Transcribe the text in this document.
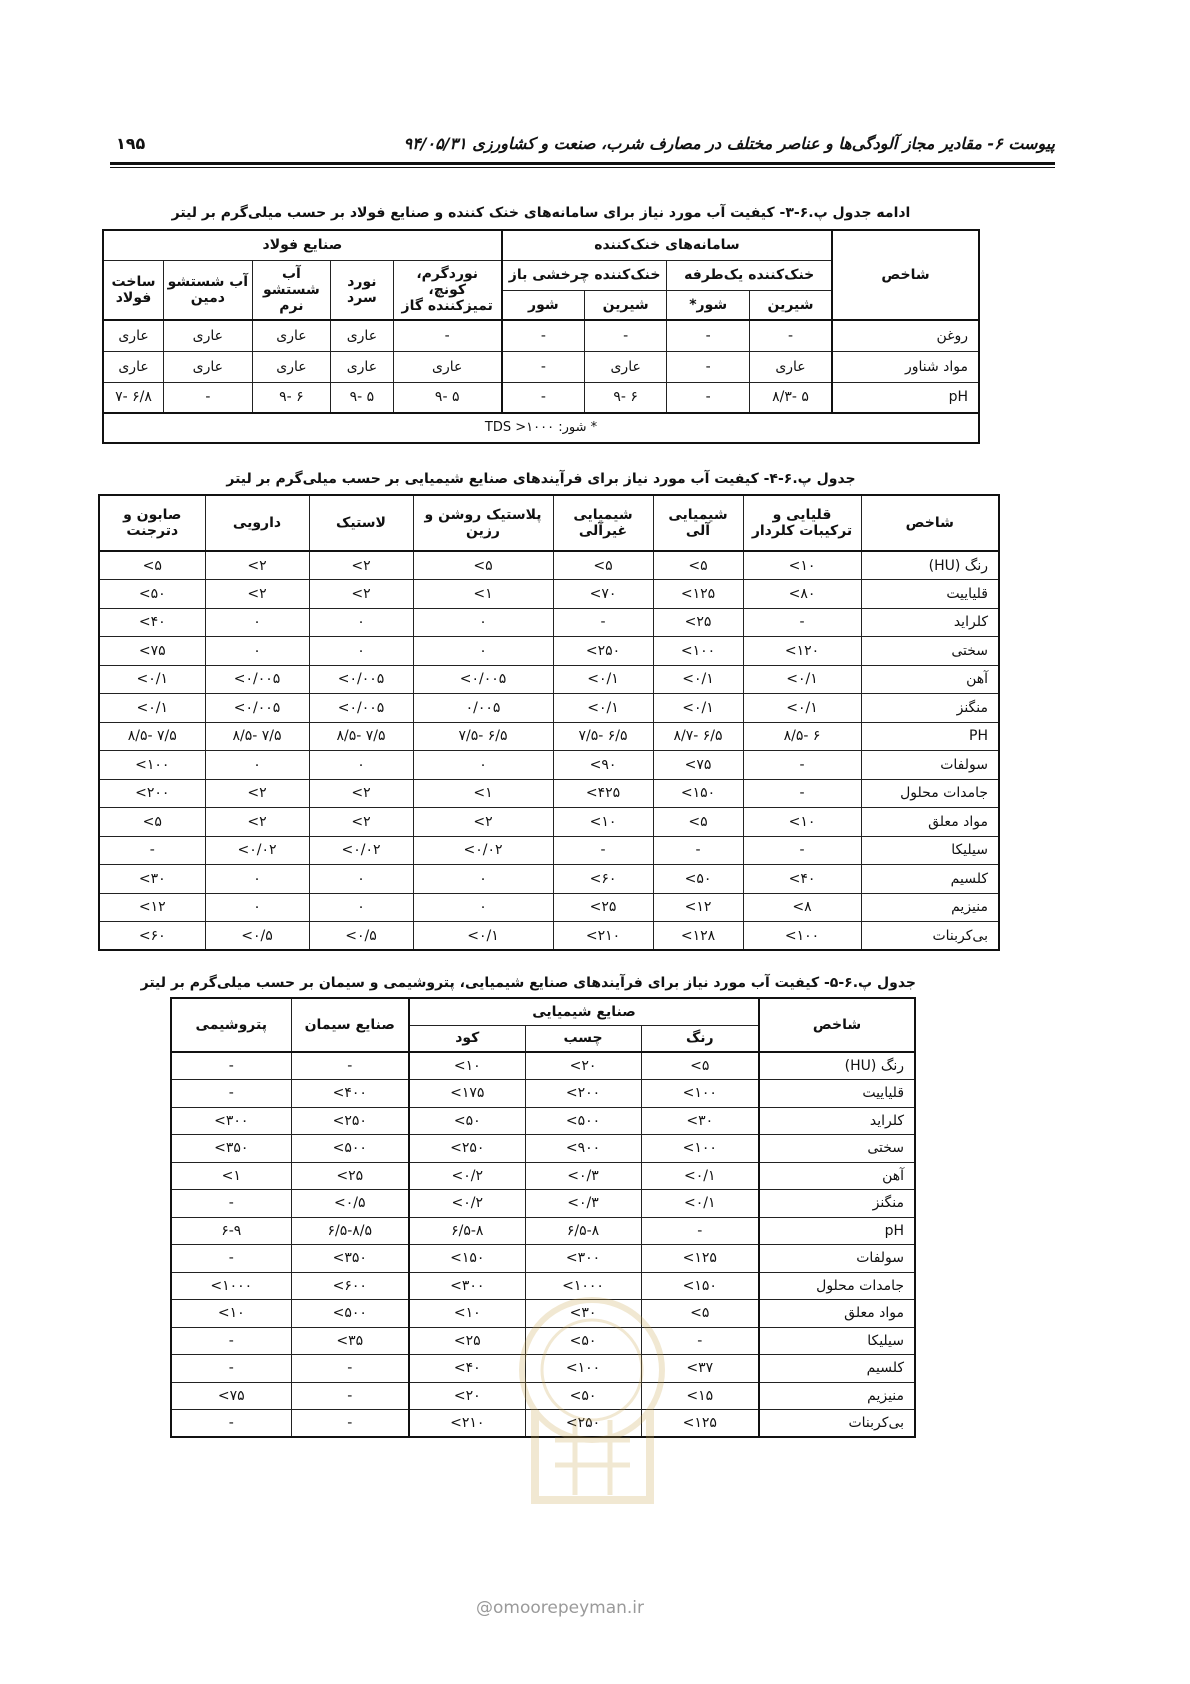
پیوست ۶- مقادیر مجاز آلودگی‌ها و عناصر مختلف در مصارف شرب، صنعت و کشاورزی ۹۴/۰۵/۳۱
۱۹۵
ادامه جدول پ.۶-۳- کیفیت آب مورد نیاز برای سامانه‌های خنک کننده و صنایع فولاد بر حسب میلی‌گرم بر لیتر
شاخص	سامانه‌های خنک‌کننده				صنایع فولاد				
	خنک‌کننده یک‌طرفه		خنک‌کننده چرخشی باز		نوردگرم، کونچ، تمیزکننده گاز	نورد سرد	آب شستشو نرم	آب شستشو دمین	ساخت فولاد
	شیرین	شور*	شیرین	شور					
روغن	-	-	-	-	-	عاری	عاری	عاری	عاری
مواد شناور	عاری	-	عاری	-	عاری	عاری	عاری	عاری	عاری
pH	۵ -۸/۳	-	۶ -۹	-	۵ -۹	۵ -۹	۶ -۹	-	۶/۸ -۷
* شور: TDS >۱۰۰۰									
جدول پ.۶-۴- کیفیت آب مورد نیاز برای فرآیندهای صنایع شیمیایی بر حسب میلی‌گرم بر لیتر
شاخص	قلیایی و ترکیبات کلردار	شیمیایی آلی	شیمیایی غیرآلی	پلاستیک روشن و رزین	لاستیک	دارویی	صابون و دترجنت
رنگ (HU)	۱۰>	۵>	۵>	۵>	۲>	۲>	۵>
قلیاییت	۸۰>	۱۲۵>	۷۰>	۱>	۲>	۲>	۵۰>
کلراید	-	۲۵>	-	۰	۰	۰	۴۰>
سختی	۱۲۰>	۱۰۰>	۲۵۰>	۰	۰	۰	۷۵>
آهن	۰/۱>	۰/۱>	۰/۱>	۰/۰۰۵>	۰/۰۰۵>	۰/۰۰۵>	۰/۱>
منگنز	۰/۱>	۰/۱>	۰/۱>	۰/۰۰۵	۰/۰۰۵>	۰/۰۰۵>	۰/۱>
PH	۶ -۸/۵	۶/۵ -۸/۷	۶/۵ -۷/۵	۶/۵ -۷/۵	۷/۵ -۸/۵	۷/۵ -۸/۵	۷/۵ -۸/۵
سولفات	-	۷۵>	۹۰>	۰	۰	۰	۱۰۰>
جامدات محلول	-	۱۵۰>	۴۲۵>	۱>	۲>	۲>	۲۰۰>
مواد معلق	۱۰>	۵>	۱۰>	۲>	۲>	۲>	۵>
سیلیکا	-	-	-	۰/۰۲>	۰/۰۲>	۰/۰۲>	-
کلسیم	۴۰>	۵۰>	۶۰>	۰	۰	۰	۳۰>
منیزیم	۸>	۱۲>	۲۵>	۰	۰	۰	۱۲>
بی‌کربنات	۱۰۰>	۱۲۸>	۲۱۰>	۰/۱>	۰/۵>	۰/۵>	۶۰>
جدول پ.۶-۵- کیفیت آب مورد نیاز برای فرآیندهای صنایع شیمیایی، پتروشیمی و سیمان بر حسب میلی‌گرم بر لیتر
شاخص	صنایع شیمیایی			صنایع سیمان	پتروشیمی
	رنگ	چسب	کود		
رنگ (HU)	۵>	۲۰>	۱۰>	-	-
قلیاییت	۱۰۰>	۲۰۰>	۱۷۵>	۴۰۰>	-
کلراید	۳۰>	۵۰۰>	۵۰>	۲۵۰>	۳۰۰>
سختی	۱۰۰>	۹۰۰>	۲۵۰>	۵۰۰>	۳۵۰>
آهن	۰/۱>	۰/۳>	۰/۲>	۲۵>	۱>
منگنز	۰/۱>	۰/۳>	۰/۲>	۰/۵>	-
pH	-	۶/۵-۸	۶/۵-۸	۶/۵-۸/۵	۶-۹
سولفات	۱۲۵>	۳۰۰>	۱۵۰>	۳۵۰>	-
جامدات محلول	۱۵۰>	۱۰۰۰>	۳۰۰>	۶۰۰>	۱۰۰۰>
مواد معلق	۵>	۳۰>	۱۰>	۵۰۰>	۱۰>
سیلیکا	-	۵۰>	۲۵>	۳۵>	-
کلسیم	۳۷>	۱۰۰>	۴۰>	-	-
منیزیم	۱۵>	۵۰>	۲۰>	-	۷۵>
بی‌کربنات	۱۲۵>	۲۵۰>	۲۱۰>	-	-
@omoorepeyman.ir
